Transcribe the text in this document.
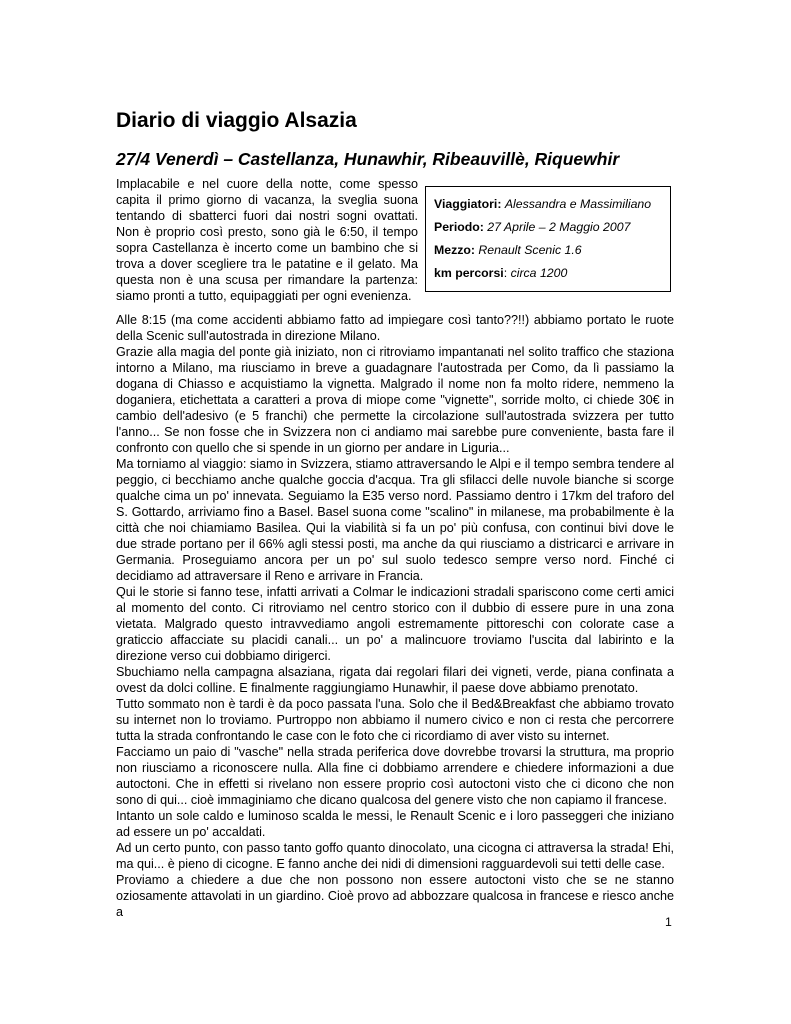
Diario di viaggio Alsazia
27/4 Venerdì – Castellanza, Hunawhir, Ribeauvillè, Riquewhir

Implacabile e nel cuore della notte, come spesso capita il primo giorno di vacanza, la sveglia suona tentando di sbatterci fuori dai nostri sogni ovattati. Non è proprio così presto, sono già le 6:50, il tempo sopra Castellanza è incerto come un bambino che si trova a dover scegliere tra le patatine e il gelato. Ma questa non è una scusa per rimandare la partenza: siamo pronti a tutto, equipaggiati per ogni evenienza.

Viaggiatori: Alessandra e Massimiliano
Periodo: 27 Aprile – 2 Maggio 2007
Mezzo: Renault Scenic 1.6
km percorsi: circa 1200

Alle 8:15 (ma come accidenti abbiamo fatto ad impiegare così tanto??!!) abbiamo portato le ruote della Scenic sull'autostrada in direzione Milano.

Grazie alla magia del ponte già iniziato, non ci ritroviamo impantanati nel solito traffico che staziona intorno a Milano, ma riusciamo in breve a guadagnare l'autostrada per Como, da lì passiamo la dogana di Chiasso e acquistiamo la vignetta. Malgrado il nome non fa molto ridere, nemmeno la doganiera, etichettata a caratteri a prova di miope come "vignette", sorride molto, ci chiede 30€ in cambio dell'adesivo (e 5 franchi) che permette la circolazione sull'autostrada svizzera per tutto l'anno... Se non fosse che in Svizzera non ci andiamo mai sarebbe pure conveniente, basta fare il confronto con quello che si spende in un giorno per andare in Liguria...

Ma torniamo al viaggio: siamo in Svizzera, stiamo attraversando le Alpi e il tempo sembra tendere al peggio, ci becchiamo anche qualche goccia d'acqua. Tra gli sfilacci delle nuvole bianche si scorge qualche cima un po' innevata. Seguiamo la E35 verso nord. Passiamo dentro i 17km del traforo del S. Gottardo, arriviamo fino a Basel. Basel suona come "scalino" in milanese, ma probabilmente è la città che noi chiamiamo Basilea. Qui la viabilità si fa un po' più confusa, con continui bivi dove le due strade portano per il 66% agli stessi posti, ma anche da qui riusciamo a districarci e arrivare in Germania. Proseguiamo ancora per un po' sul suolo tedesco sempre verso nord. Finché ci decidiamo ad attraversare il Reno e arrivare in Francia.

Qui le storie si fanno tese, infatti arrivati a Colmar le indicazioni stradali spariscono come certi amici al momento del conto. Ci ritroviamo nel centro storico con il dubbio di essere pure in una zona vietata. Malgrado questo intravvediamo angoli estremamente pittoreschi con colorate case a graticcio affacciate su placidi canali... un po' a malincuore troviamo l'uscita dal labirinto e la direzione verso cui dobbiamo dirigerci.

Sbuchiamo nella campagna alsaziana, rigata dai regolari filari dei vigneti, verde, piana confinata a ovest da dolci colline. E finalmente raggiungiamo Hunawhir, il paese dove abbiamo prenotato.

Tutto sommato non è tardi è da poco passata l'una. Solo che il Bed&Breakfast che abbiamo trovato su internet non lo troviamo. Purtroppo non abbiamo il numero civico e non ci resta che percorrere tutta la strada confrontando le case con le foto che ci ricordiamo di aver visto su internet.

Facciamo un paio di "vasche" nella strada periferica dove dovrebbe trovarsi la struttura, ma proprio non riusciamo a riconoscere nulla. Alla fine ci dobbiamo arrendere e chiedere informazioni a due autoctoni. Che in effetti si rivelano non essere proprio così autoctoni visto che ci dicono che non sono di qui... cioè immaginiamo che dicano qualcosa del genere visto che non capiamo il francese.

Intanto un sole caldo e luminoso scalda le messi, le Renault Scenic e i loro passeggeri che iniziano ad essere un po' accaldati.

Ad un certo punto, con passo tanto goffo quanto dinocolato, una cicogna ci attraversa la strada! Ehi, ma qui... è pieno di cicogne. E fanno anche dei nidi di dimensioni ragguardevoli sui tetti delle case.

Proviamo a chiedere a due che non possono non essere autoctoni visto che se ne stanno oziosamente attavolati in un giardino. Cioè provo ad abbozzare qualcosa in francese e riesco anche a

1
